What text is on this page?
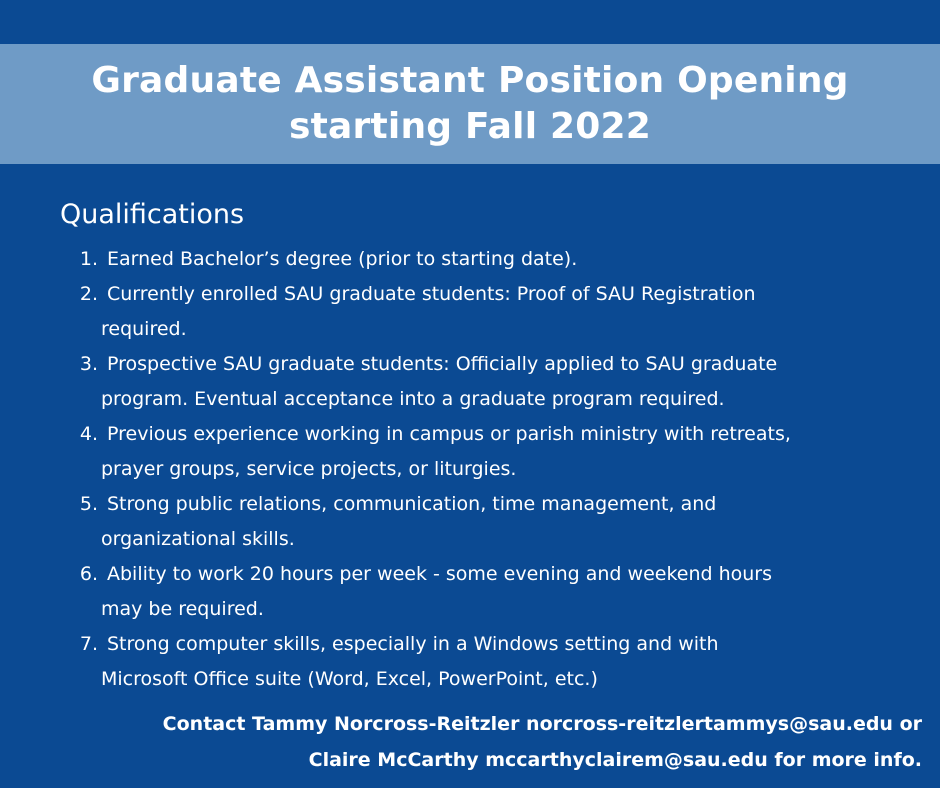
Graduate Assistant Position Opening
starting Fall 2022
Qualifications
1. Earned Bachelor’s degree (prior to starting date).
2. Currently enrolled SAU graduate students: Proof of SAU Registration
required.
3. Prospective SAU graduate students: Officially applied to SAU graduate
program. Eventual acceptance into a graduate program required.
4. Previous experience working in campus or parish ministry with retreats,
prayer groups, service projects, or liturgies.
5. Strong public relations, communication, time management, and
organizational skills.
6. Ability to work 20 hours per week - some evening and weekend hours
may be required.
7. Strong computer skills, especially in a Windows setting and with
Microsoft Office suite (Word, Excel, PowerPoint, etc.)
Contact Tammy Norcross-Reitzler norcross-reitzlertammys@sau.edu or
Claire McCarthy mccarthyclairem@sau.edu for more info.
